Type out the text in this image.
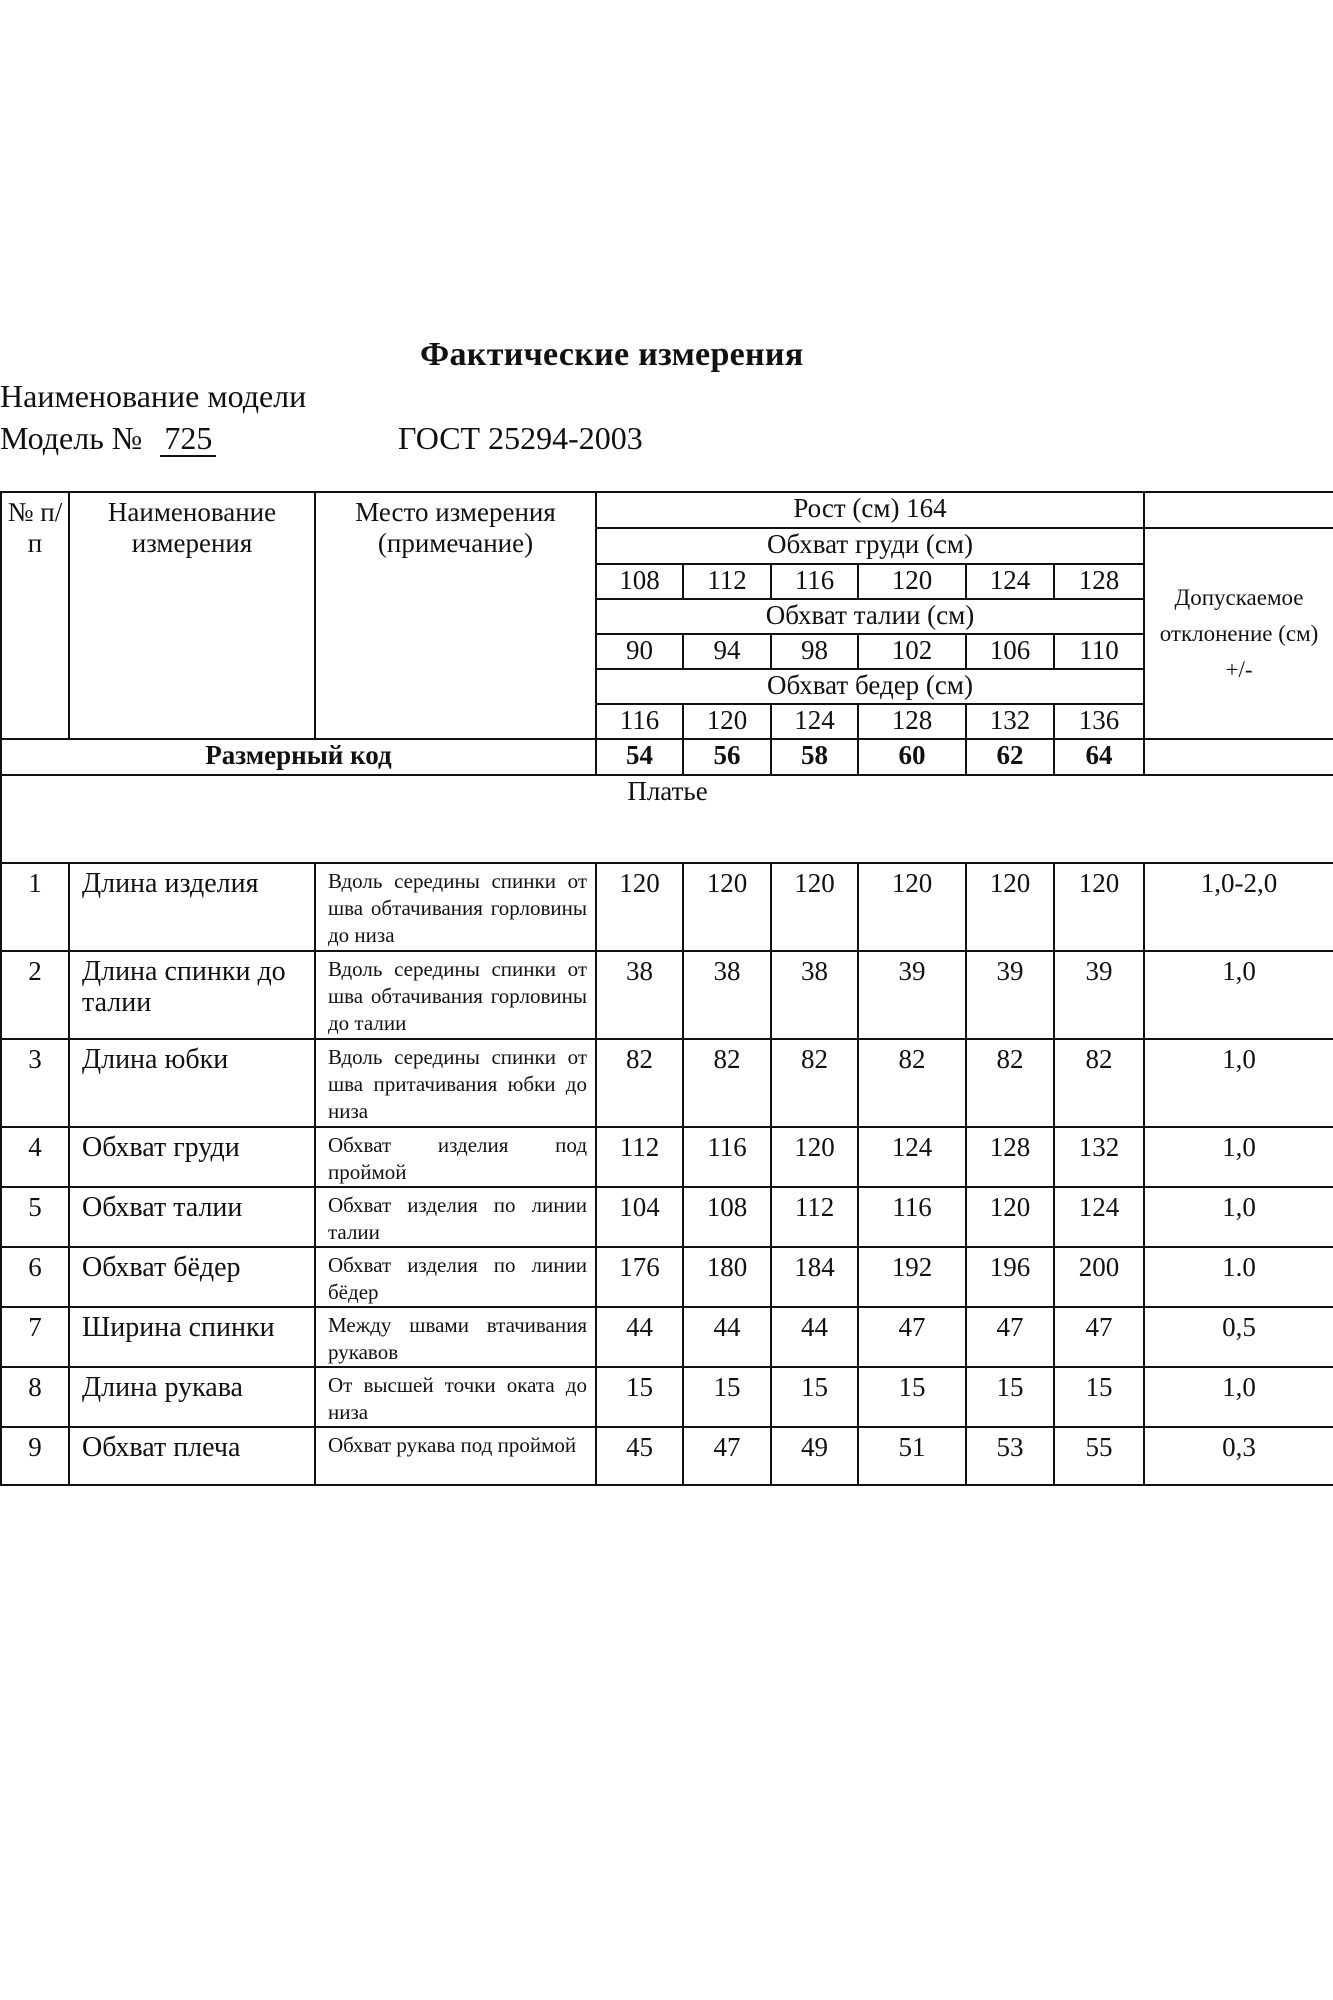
Фактические измерения
Наименование модели
Модель № 725	ГОСТ 25294-2003
№ п/п	Наименование измерения	Место измерения (примечание)	Рост (см) 164						
			Обхват груди (см)						Допускаемое отклонение (см) +/-
			108	112	116	120	124	128	
			Обхват талии (см)						
			90	94	98	102	106	110	
			Обхват бедер (см)						
			116	120	124	128	132	136	
Размерный код			54	56	58	60	62	64	
Платье									
1	Длина изделия	Вдоль середины спинки от шва обтачивания горловины до низа	120	120	120	120	120	120	1,0-2,0
2	Длина спинки до талии	Вдоль середины спинки от шва обтачивания горловины до талии	38	38	38	39	39	39	1,0
3	Длина юбки	Вдоль середины спинки от шва притачивания юбки до низа	82	82	82	82	82	82	1,0
4	Обхват груди	Обхват изделия под проймой	112	116	120	124	128	132	1,0
5	Обхват талии	Обхват изделия по линии талии	104	108	112	116	120	124	1,0
6	Обхват бёдер	Обхват изделия по линии бёдер	176	180	184	192	196	200	1.0
7	Ширина спинки	Между швами втачивания рукавов	44	44	44	47	47	47	0,5
8	Длина рукава	От высшей точки оката до низа	15	15	15	15	15	15	1,0
9	Обхват плеча	Обхват рукава под проймой	45	47	49	51	53	55	0,3
